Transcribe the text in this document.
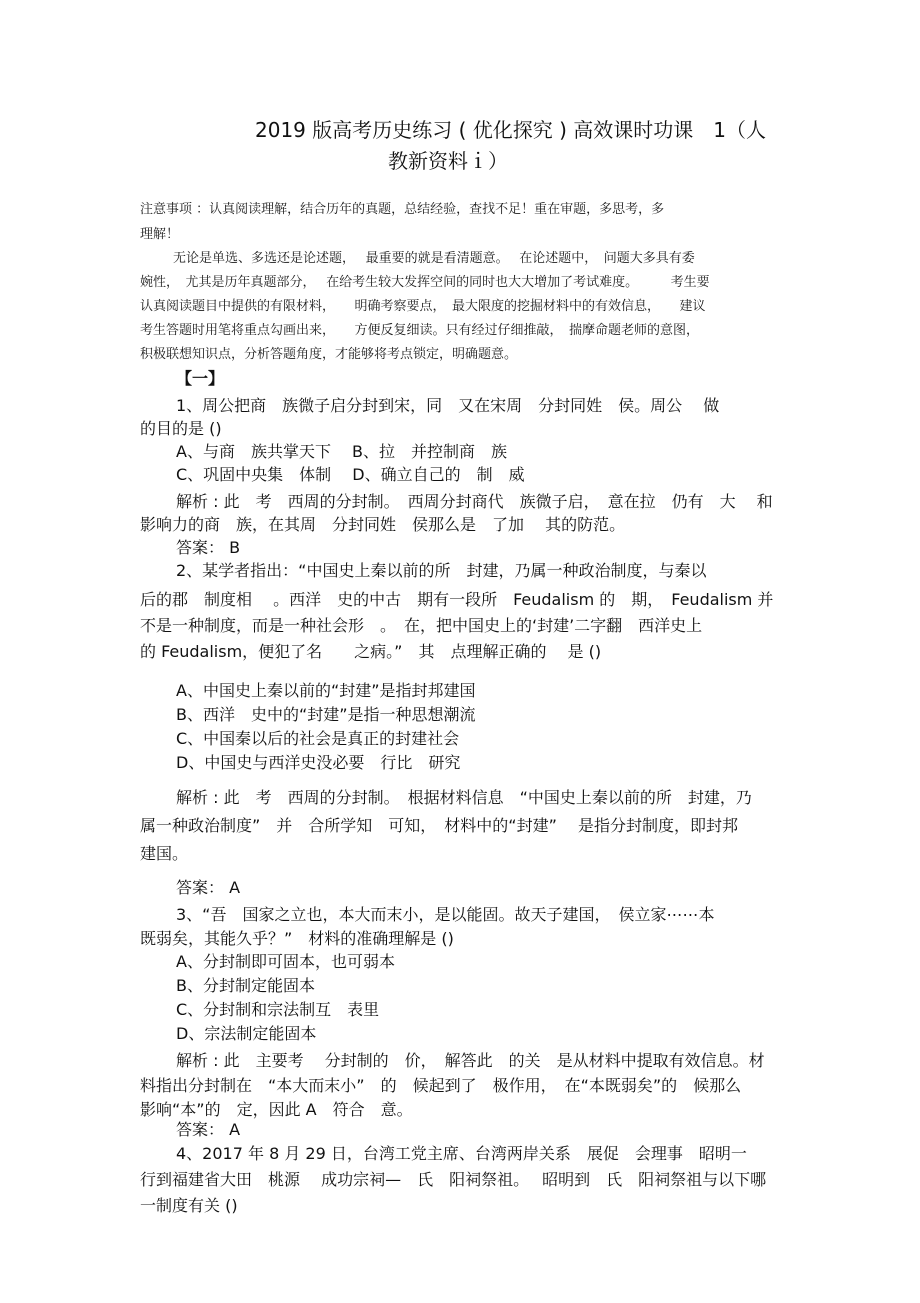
2019 版高考历史练习 ( 优化探究 ) 高效课时功课　1（人
教新资料ｉ）
注意事项 ：认真阅读理解，结合历年的真题，总结经验，查找不足！重在审题，多思考，多
理解！
　无论是单选、多选还是论述题，　 最重要的就是看清题意。　 在论述题中，　问题大多具有委
婉性，　尤其是历年真题部分，　 在给考生较大发挥空间的同时也大大增加了考试难度。　　　考生要
认真阅读题目中提供的有限材料，　　明确考察要点，　最大限度的挖掘材料中的有效信息，　　建议
考生答题时用笔将重点勾画出来，　　方便反复细读。只有经过仔细推敲，　揣摩命题老师的意图，
积极联想知识点，分析答题角度，才能够将考点锁定，明确题意。
【一】
1、周公把商　族微子启分封到宋，同　又在宋周　分封同姓　侯。周公　 做
的目的是 ()
A、与商　族共掌天下　 B、拉　并控制商　族
C、巩固中央集　体制　 D、确立自己的　制　威
解析 : 此　考　西周的分封制。　西周分封商代　族微子启，　意在拉　仍有　大　 和
影响力的商　族，在其周　分封同姓　侯那么是　了加　 其的防范。
答案： B
2、某学者指出：“中国史上秦以前的所　封建，乃属一种政治制度，与秦以
后的郡　制度相　 。西洋　史的中古　期有一段所　Feudalism 的　期，　Feudalism 并
不是一种制度，而是一种社会形　。　在，把中国史上的‘封建’二字翻　西洋史上
的 Feudalism，便犯了名　　之病。”　其　点理解正确的　 是 ()
A、中国史上秦以前的“封建”是指封邦建国
B、西洋　史中的“封建”是指一种思想潮流
C、中国秦以后的社会是真正的封建社会
D、中国史与西洋史没必要　行比　研究
解析 : 此　考　西周的分封制。　根据材料信息　“中国史上秦以前的所　封建，乃
属一种政治制度”　并　合所学知　可知，　材料中的“封建”　 是指分封制度，即封邦
建国。
答案： A
3、“吾　国家之立也，本大而末小，是以能固。故天子建国，　侯立家⋯⋯本
既弱矣，其能久乎？”　材料的准确理解是 ()
A、分封制即可固本，也可弱本
B、分封制定能固本
C、分封制和宗法制互　表里
D、宗法制定能固本
解析 : 此　主要考　 分封制的　价，　解答此　的关　是从材料中提取有效信息。材
料指出分封制在　“本大而末小”　的　候起到了　极作用，　在“本既弱矣”的　候那么
影响“本”的　定，因此 A　符合　意。
答案： A
4、2017 年 8 月 29 日，台湾工党主席、台湾两岸关系　展促　会理事　昭明一
行到福建省大田　桃源　 成功宗祠—　氏　阳祠祭祖。　 昭明到　氏　阳祠祭祖与以下哪
一制度有关 ()
